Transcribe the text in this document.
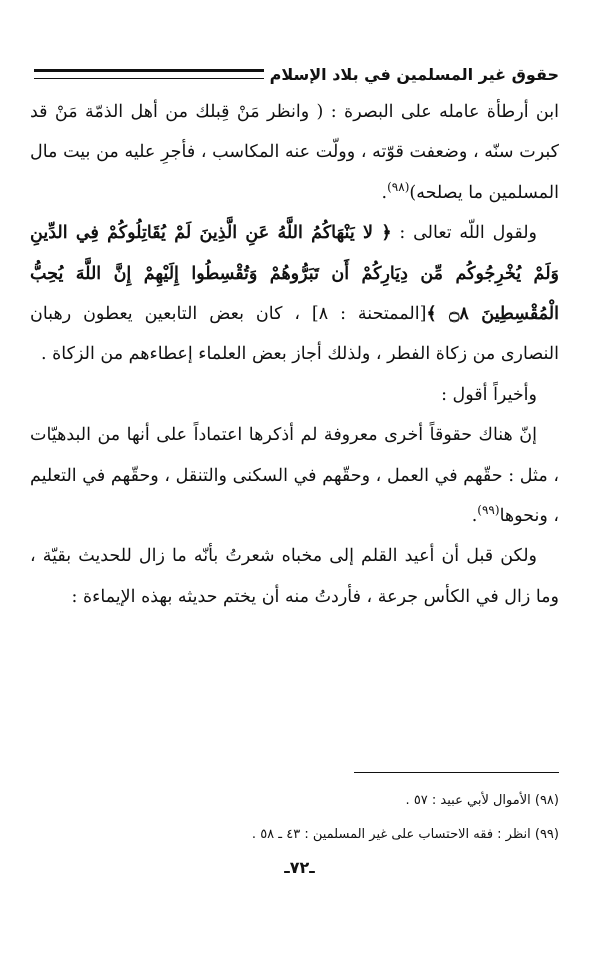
حقوق غير المسلمين في بلاد الإسلام

ابن أرطأة عامله على البصرة : ( وانظر مَنْ قِبلك من أهل الذمّة مَنْ قد كبرت سنّه ، وضعفت قوّته ، وولّت عنه المكاسب ، فأجرِ عليه من بيت مال المسلمين ما يصلحه)$^{(٩٨)}$.

ولقول اللّه تعالى : ﴿ لا يَنْهَاكُمُ اللَّهُ عَنِ الَّذِينَ لَمْ يُقَاتِلُوكُمْ فِي الدِّينِ وَلَمْ يُخْرِجُوكُم مِّن دِيَارِكُمْ أَن تَبَرُّوهُمْ وَتُقْسِطُوا إِلَيْهِمْ إِنَّ اللَّهَ يُحِبُّ الْمُقْسِطِينَ ۝٨ ﴾[الممتحنة : ٨] ، كان بعض التابعين يعطون رهبان النصارى من زكاة الفطر ، ولذلك أجاز بعض العلماء إعطاءهم من الزكاة .

وأخيراً أقول :

إنّ هناك حقوقاً أخرى معروفة لم أذكرها اعتماداً على أنها من البدهيّات ، مثل : حقّهم في العمل ، وحقّهم في السكنى والتنقل ، وحقّهم في التعليم ، ونحوها$^{(٩٩)}$.

ولكن قبل أن أعيد القلم إلى مخباه شعرتُ بأنّه ما زال للحديث بقيّة ، وما زال في الكأس جرعة ، فأردتُ منه أن يختم حديثه بهذه الإيماءة :

(٩٨) الأموال لأبي عبيد : ٥٧ .

(٩٩) انظر : فقه الاحتساب على غير المسلمين : ٤٣ ـ ٥٨ .

ـ٧٢ـ
